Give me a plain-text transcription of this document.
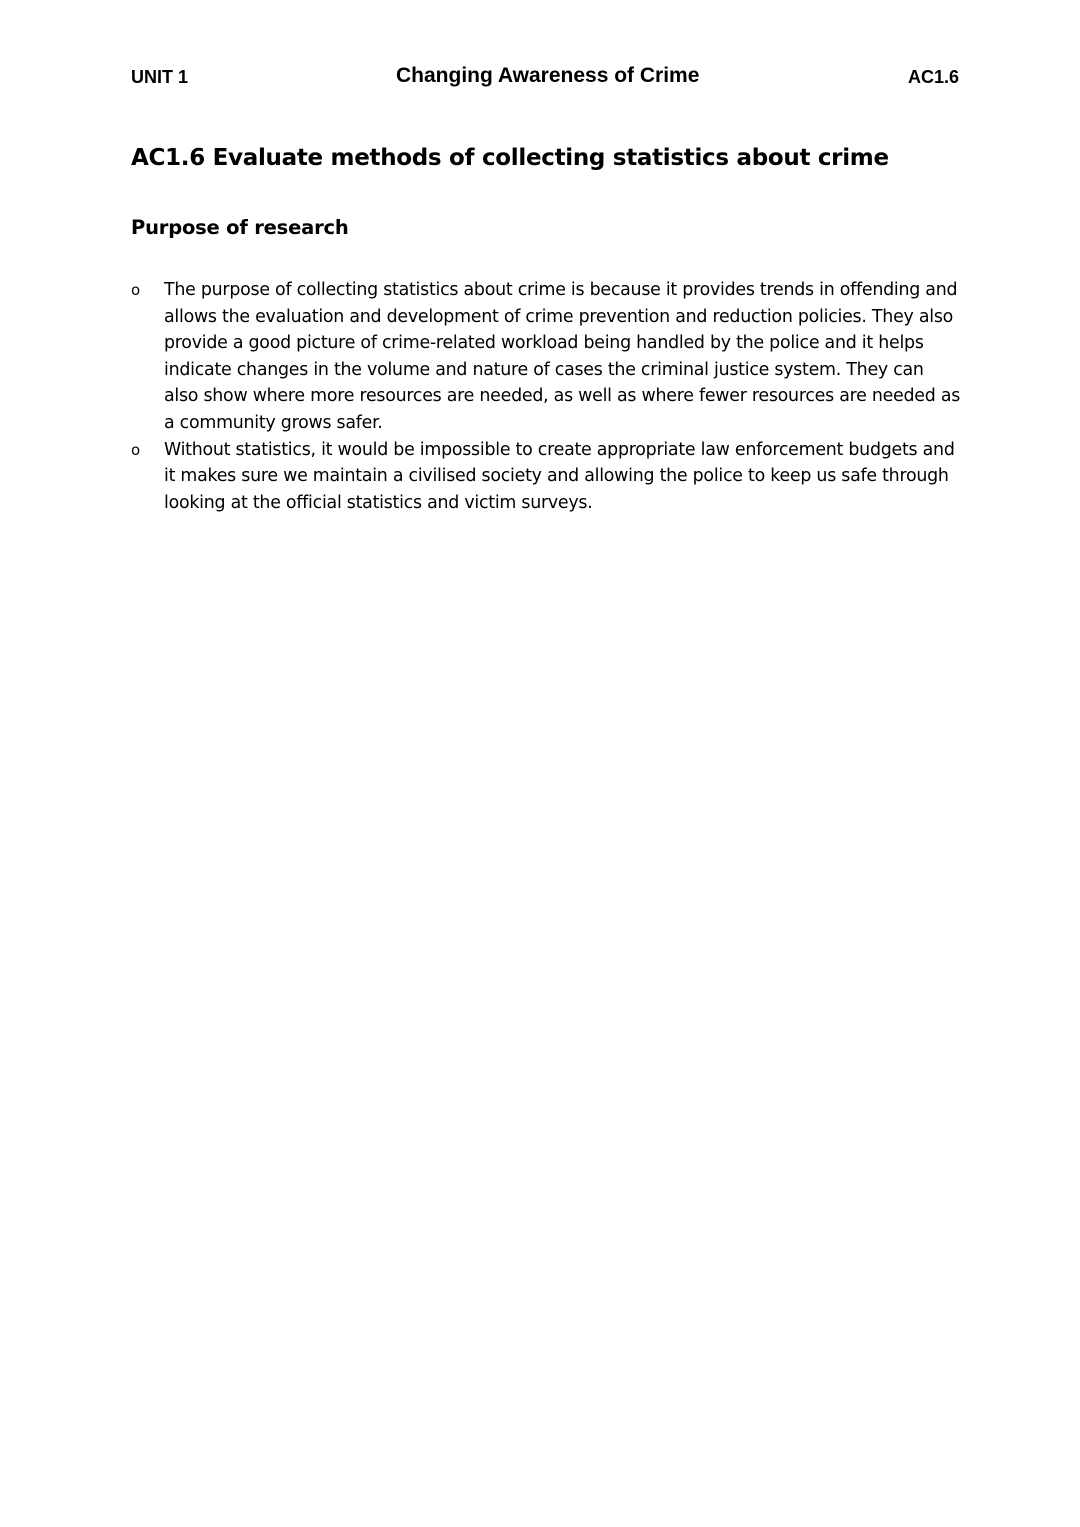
UNIT 1	Changing Awareness of Crime	AC1.6
AC1.6 Evaluate methods of collecting statistics about crime
Purpose of research
o The purpose of collecting statistics about crime is because it provides trends in offending and allows the evaluation and development of crime prevention and reduction policies. They also provide a good picture of crime-related workload being handled by the police and it helps indicate changes in the volume and nature of cases the criminal justice system. They can also show where more resources are needed, as well as where fewer resources are needed as a community grows safer.
o Without statistics, it would be impossible to create appropriate law enforcement budgets and it makes sure we maintain a civilised society and allowing the police to keep us safe through looking at the official statistics and victim surveys.
